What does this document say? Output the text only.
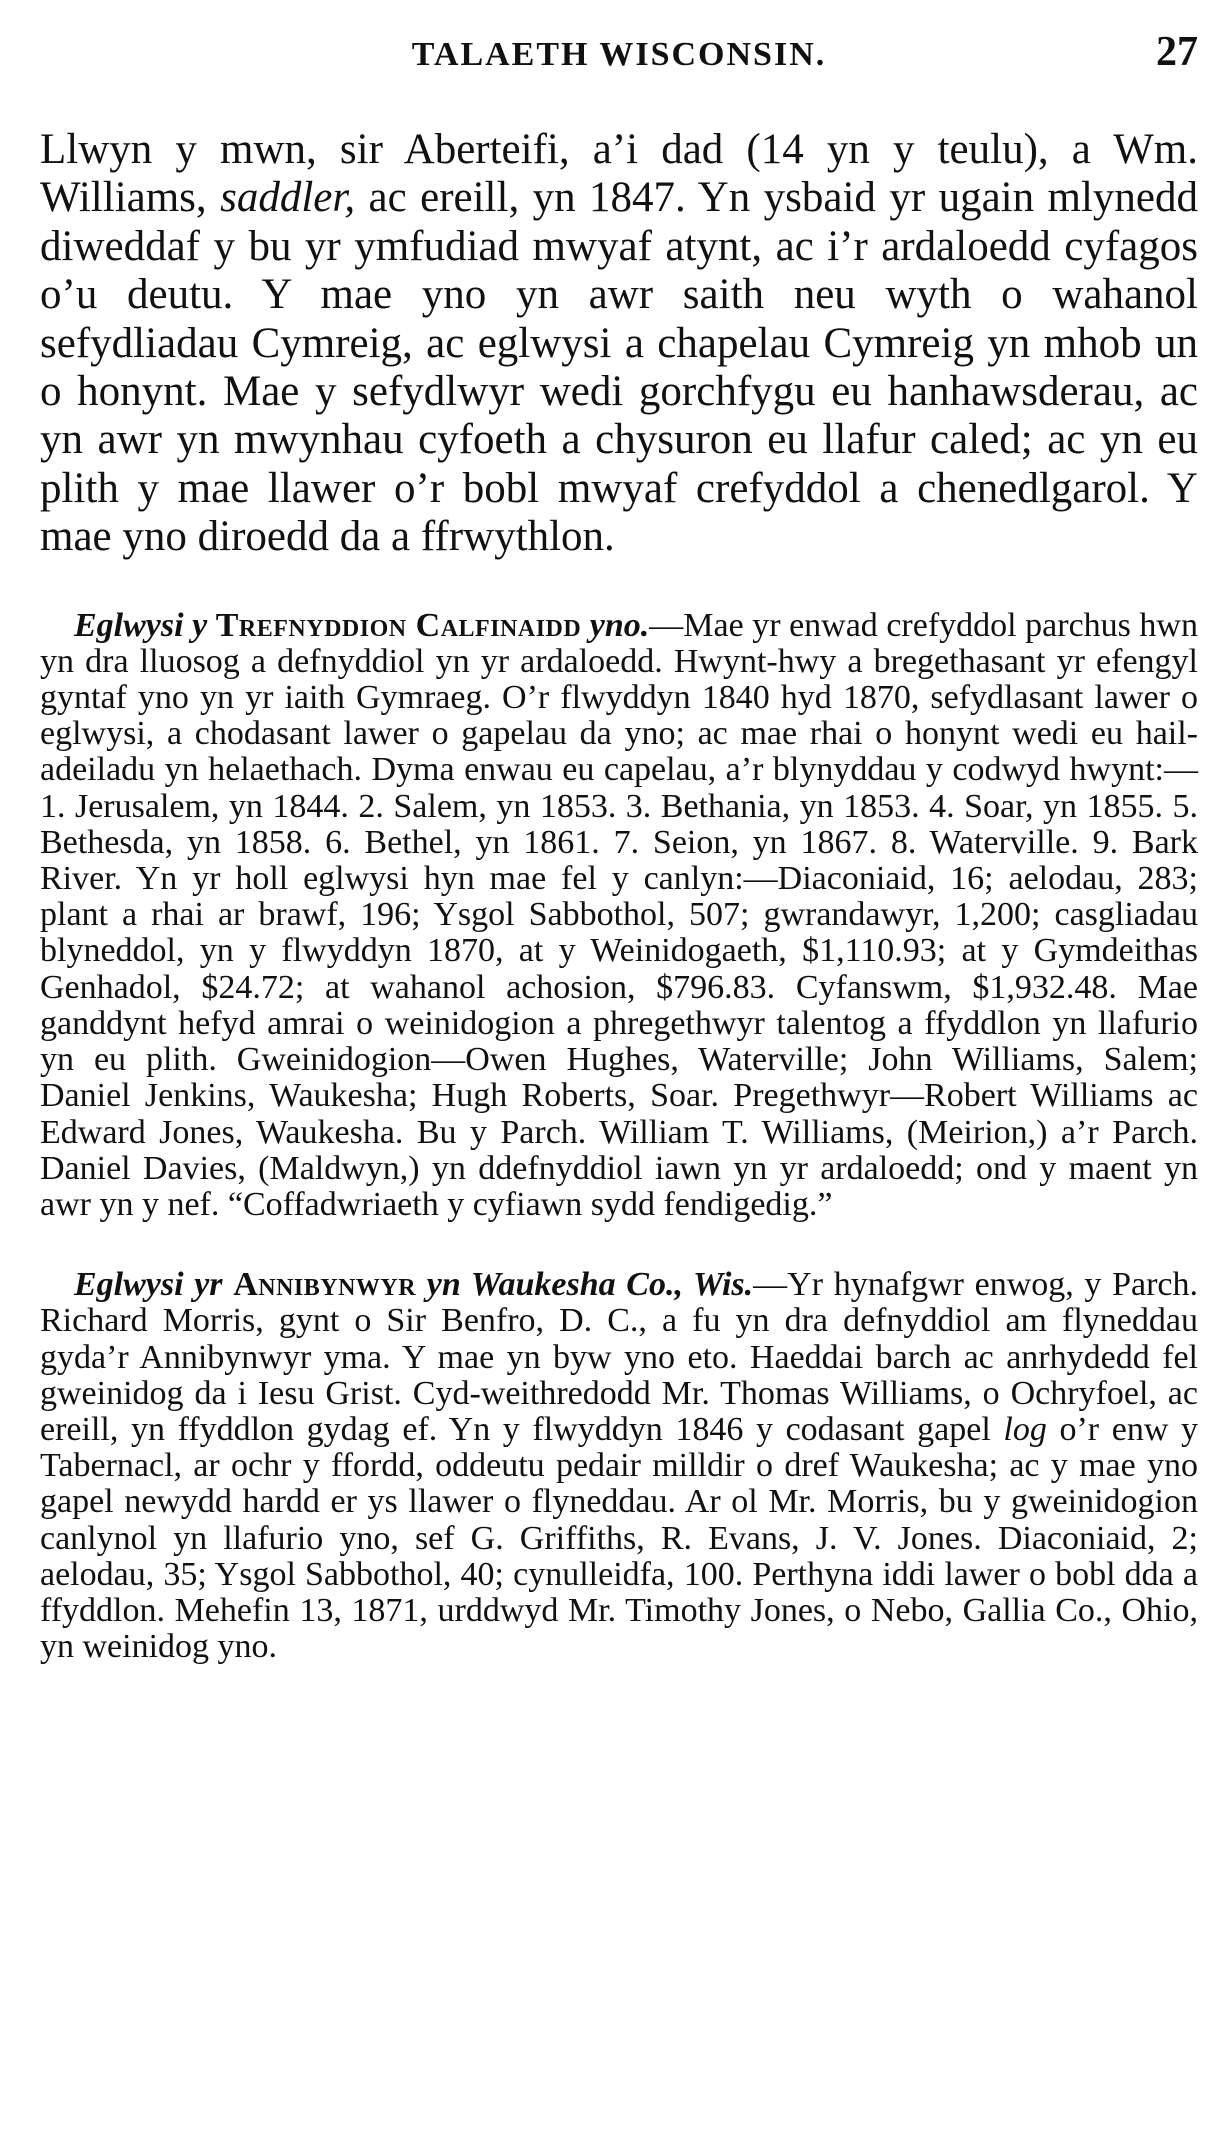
TALAETH WISCONSIN.	27

Llwyn y mwn, sir Aberteifi, a’i dad (14 yn y teulu), a Wm. Williams, saddler, ac ereill, yn 1847. Yn ysbaid yr ugain mlynedd diweddaf y bu yr ymfudiad mwyaf atynt, ac i’r ardaloedd cyfagos o’u deutu. Y mae yno yn awr saith neu wyth o wahanol sefydliadau Cymreig, ac eglwysi a chapelau Cymreig yn mhob un o honynt. Mae y sefydlwyr wedi gorchfygu eu hanhawsderau, ac yn awr yn mwynhau cyfoeth a chysuron eu llafur caled; ac yn eu plith y mae llawer o’r bobl mwyaf crefyddol a chenedlgarol. Y mae yno diroedd da a ffrwythlon.

Eglwysi y Trefnyddion Calfinaidd yno.—Mae yr enwad crefyddol parchus hwn yn dra lluosog a defnyddiol yn yr ardaloedd. Hwynt-hwy a bregethasant yr efengyl gyntaf yno yn yr iaith Gymraeg. O’r flwyddyn 1840 hyd 1870, sefydlasant lawer o eglwysi, a chodasant lawer o gapelau da yno; ac mae rhai o honynt wedi eu hail-adeiladu yn helaethach. Dyma enwau eu capelau, a’r blynyddau y codwyd hwynt:—1. Jerusalem, yn 1844. 2. Salem, yn 1853. 3. Bethania, yn 1853. 4. Soar, yn 1855. 5. Bethesda, yn 1858. 6. Bethel, yn 1861. 7. Seion, yn 1867. 8. Waterville. 9. Bark River. Yn yr holl eglwysi hyn mae fel y canlyn:—Diaconiaid, 16; aelodau, 283; plant a rhai ar brawf, 196; Ysgol Sabbothol, 507; gwrandawyr, 1,200; casgliadau blyneddol, yn y flwyddyn 1870, at y Weinidogaeth, $1,110.93; at y Gymdeithas Genhadol, $24.72; at wahanol achosion, $796.83. Cyfanswm, $1,932.48. Mae ganddynt hefyd amrai o weinidogion a phregethwyr talentog a ffyddlon yn llafurio yn eu plith. Gweinidogion—Owen Hughes, Waterville; John Williams, Salem; Daniel Jenkins, Waukesha; Hugh Roberts, Soar. Pregethwyr—Robert Williams ac Edward Jones, Waukesha. Bu y Parch. William T. Williams, (Meirion,) a’r Parch. Daniel Davies, (Maldwyn,) yn ddefnyddiol iawn yn yr ardaloedd; ond y maent yn awr yn y nef. “Coffadwriaeth y cyfiawn sydd fendigedig.”

Eglwysi yr Annibynwyr yn Waukesha Co., Wis.—Yr hynafgwr enwog, y Parch. Richard Morris, gynt o Sir Benfro, D. C., a fu yn dra defnyddiol am flyneddau gyda’r Annibynwyr yma. Y mae yn byw yno eto. Haeddai barch ac anrhydedd fel gweinidog da i Iesu Grist. Cyd-weithredodd Mr. Thomas Williams, o Ochryfoel, ac ereill, yn ffyddlon gydag ef. Yn y flwyddyn 1846 y codasant gapel log o’r enw y Tabernacl, ar ochr y ffordd, oddeutu pedair milldir o dref Waukesha; ac y mae yno gapel newydd hardd er ys llawer o flyneddau. Ar ol Mr. Morris, bu y gweinidogion canlynol yn llafurio yno, sef G. Griffiths, R. Evans, J. V. Jones. Diaconiaid, 2; aelodau, 35; Ysgol Sabbothol, 40; cynulleidfa, 100. Perthyna iddi lawer o bobl dda a ffyddlon. Mehefin 13, 1871, urddwyd Mr. Timothy Jones, o Nebo, Gallia Co., Ohio, yn weinidog yno.
